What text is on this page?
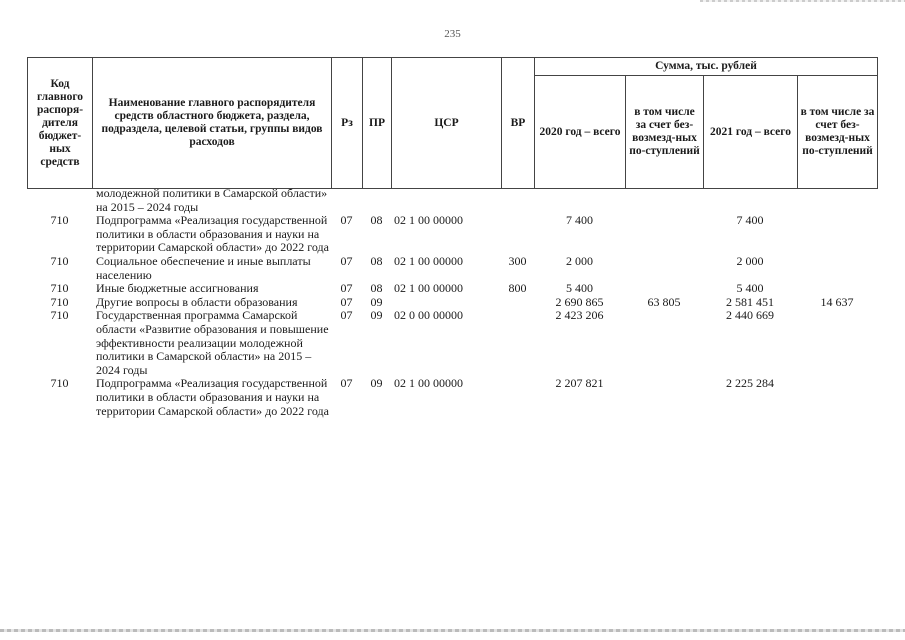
235
Код главного распоря-дителя бюджет-ных средств	Наименование главного распорядителя средств областного бюджета, раздела, подраздела, целевой статьи, группы видов расходов	Рз	ПР	ЦСР	ВР	Сумма, тыс. рублей			
						2020 год – всего	в том числе за счет без-возмезд-ных по-ступлений	2021 год – всего	в том числе за счет без-возмезд-ных по-ступлений
	молодежной политики в Самарской области» на 2015 – 2024 годы								
710	Подпрограмма «Реализация государственной политики в области образования и науки на территории Самарской области» до 2022 года	07	08	02 1 00 00000		7 400		7 400	
710	Социальное обеспечение и иные выплаты населению	07	08	02 1 00 00000	300	2 000		2 000	
710	Иные бюджетные ассигнования	07	08	02 1 00 00000	800	5 400		5 400	
710	Другие вопросы в области образования	07	09			2 690 865	63 805	2 581 451	14 637
710	Государственная программа Самарской области «Развитие образования и повышение эффективности реализации молодежной политики в Самарской области» на 2015 – 2024 годы	07	09	02 0 00 00000		2 423 206		2 440 669	
710	Подпрограмма «Реализация государственной политики в области образования и науки на территории Самарской области» до 2022 года	07	09	02 1 00 00000		2 207 821		2 225 284	
